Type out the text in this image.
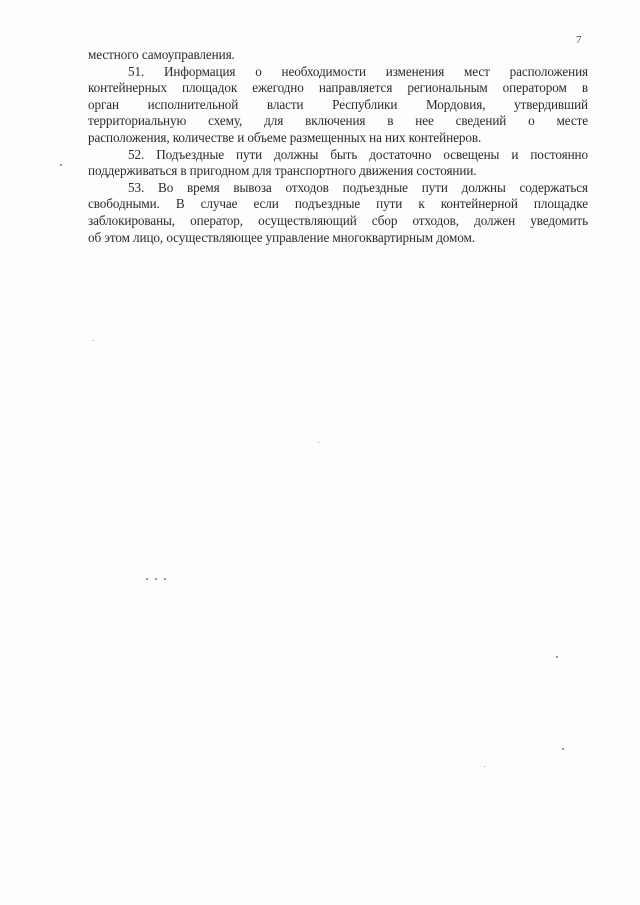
7
местного самоуправления.
51. Информация о необходимости изменения мест расположения
контейнерных площадок ежегодно направляется региональным оператором в
орган исполнительной власти Республики Мордовия, утвердивший
территориальную схему, для включения в нее сведений о месте
расположения, количестве и объеме размещенных на них контейнеров.
52. Подъездные пути должны быть достаточно освещены и постоянно
поддерживаться в пригодном для транспортного движения состоянии.
53. Во время вывоза отходов подъездные пути должны содержаться
свободными. В случае если подъездные пути к контейнерной площадке
заблокированы, оператор, осуществляющий сбор отходов, должен уведомить
об этом лицо, осуществляющее управление многоквартирным домом.
